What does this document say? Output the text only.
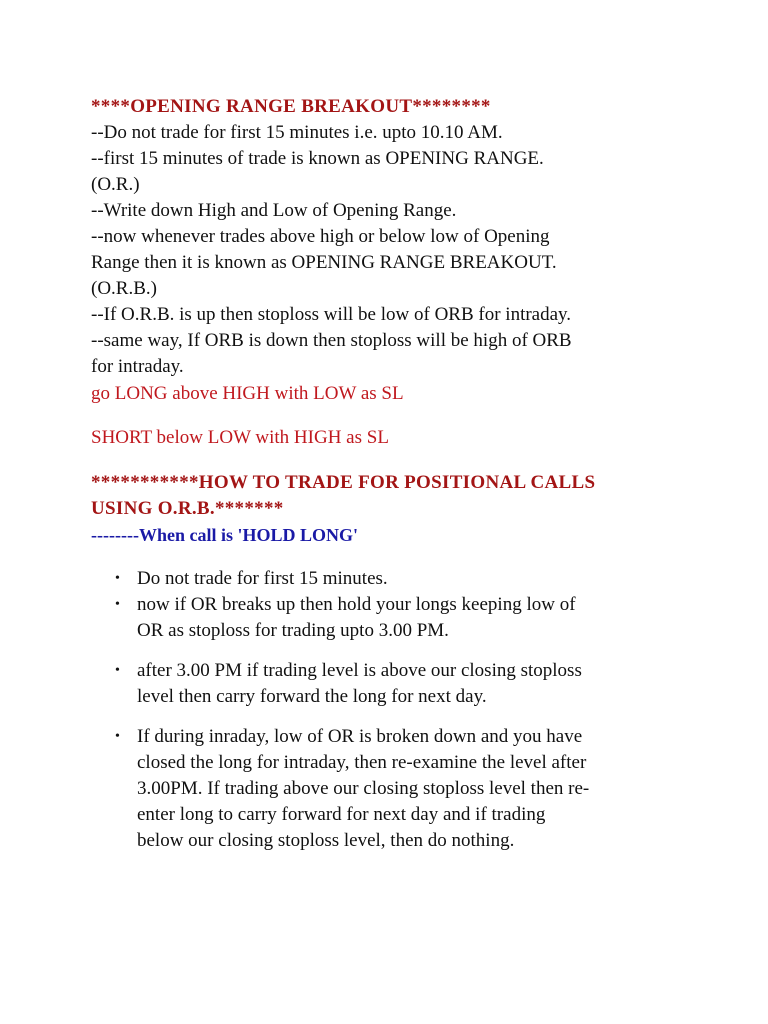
****OPENING RANGE BREAKOUT********

--Do not trade for first 15 minutes i.e. upto 10.10 AM.

--first 15 minutes of trade is known as OPENING RANGE.

(O.R.)

--Write down High and Low of Opening Range.

--now whenever trades above high or below low of Opening

Range then it is known as OPENING RANGE BREAKOUT.

(O.R.B.)

--If O.R.B. is up then stoploss will be low of ORB for intraday.

--same way, If ORB is down then stoploss will be high of ORB

for intraday.

go LONG above HIGH with LOW as SL

SHORT below LOW with HIGH as SL

***********HOW TO TRADE FOR POSITIONAL CALLS

USING O.R.B.*******

--------When call is 'HOLD LONG'

• Do not trade for first 15 minutes.
• now if OR breaks up then hold your longs keeping low of
OR as stoploss for trading upto 3.00 PM.
• after 3.00 PM if trading level is above our closing stoploss
level then carry forward the long for next day.
• If during inraday, low of OR is broken down and you have
closed the long for intraday, then re-examine the level after
3.00PM. If trading above our closing stoploss level then re-
enter long to carry forward for next day and if trading
below our closing stoploss level, then do nothing.
